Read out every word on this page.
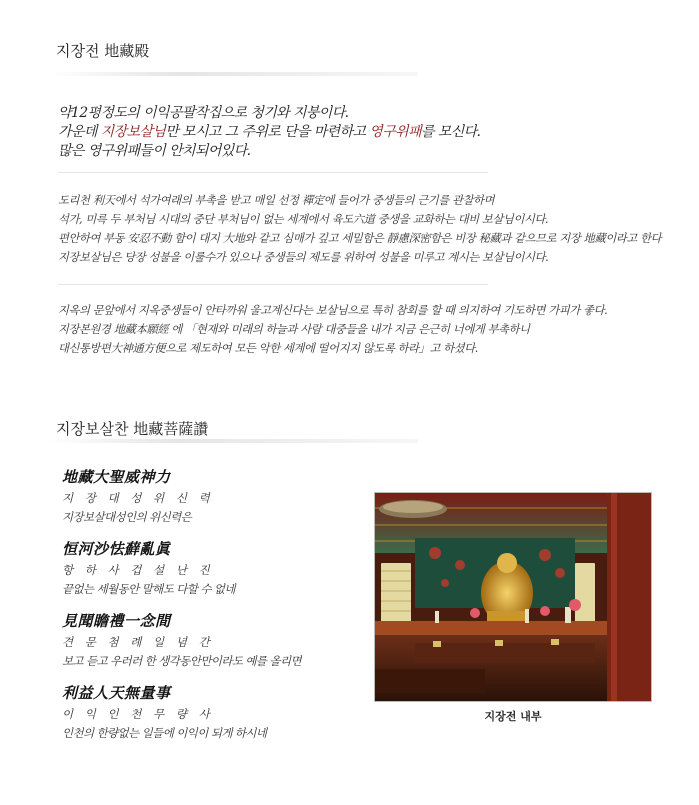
지장전 地藏殿

약12평정도의 이익공팔작집으로 청기와 지붕이다.

가운데 지장보살님만 모시고 그 주위로 단을 마련하고 영구위패를 모신다.

많은 영구위패들이 안치되어있다.

도리천 利天에서 석가여래의 부촉을 받고 매일 선정 禪定에 들어가 중생들의 근기를 관찰하며

석가, 미륵 두 부처님 시대의 중단 부처님이 없는 세계에서 육도六道 중생을 교화하는 대비 보살님이시다.

편안하여 부동 安忍不動 함이 대지 大地와 같고 심매가 깊고 세밀함은 靜慮深密함은 비장 秘藏과 같으므로 지장 地藏이라고 한다

지장보살님은 당장 성불을 이룰수가 있으나 중생들의 제도를 위하여 성불을 미루고 계시는 보살님이시다.

지옥의 문앞에서 지옥중생들이 안타까워 울고계신다는 보살님으로 특히 참회를 할 때 의지하여 기도하면 가피가 좋다.

지장본원경 地藏本願經 에 「현재와 미래의 하늘과 사람 대중들을 내가 지금 은근히 너에게 부촉하니

대신통방편大神通方便으로 제도하여 모든 악한 세계에 떨어지지 않도록 하라」고 하셨다.

지장보살찬 地藏菩薩讚

地藏大聖威神力

지 장 대 성 위 신 력

지장보살대성인의 위신력은

恒河沙怯蘚亂眞

항 하 사 겁 설 난 진

끝없는 세월동안 말해도 다할 수 없네

見聞瞻禮一念間

견 문 첨 례 일 념 간

보고 듣고 우러러 한 생각동안만이라도 예를 올리면

利益人天無量事

이 익 인 천 무 량 사

인천의 한량없는 일들에 이익이 되게 하시네

지장전 내부
